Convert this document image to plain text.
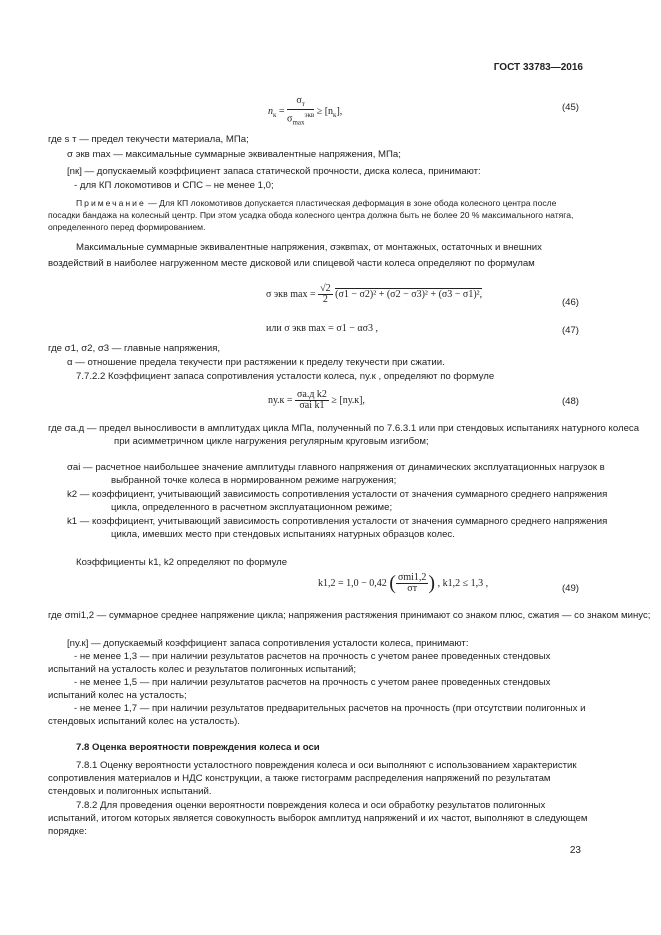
ГОСТ 33783—2016
$n_к = \frac{\sigma_т}{\sigma_{max}^{экв}} \ge [n_к]$,	(45)
где s т — предел текучести материала, МПа;
σ экв max — максимальные суммарные эквивалентные напряжения, МПа;
[nк] — допускаемый коэффициент запаса статической прочности, диска колеса, принимают:
- для КП локомотивов и СПС – не менее 1,0;
Примечание — Для КП локомотивов допускается пластическая деформация в зоне обода колесного центра после посадки бандажа на колесный центр. При этом усадка обода колесного центра должна быть не более 20 % максимального натяга, определенного перед формированием.
Максимальные суммарные эквивалентные напряжения, σэквmax, от монтажных, остаточных и внешних воздействий в наиболее нагруженном месте дисковой или спицевой части колеса определяют по формулам
σ экв $\max = \frac{√2}{2} (\sigma 1 - \sigma 2)^2 + (\sigma 2 - \sigma 3)^2 + (\sigma 3 - \sigma 1)^2$,
(46)
или σ экв max = σ1 − ασ3 ,	(47)
где σ1, σ2, σ3 — главные напряжения,
α — отношение предела текучести при растяжении к пределу текучести при сжатии.
7.7.2.2 Коэффициент запаса сопротивления усталости колеса, nу.к , определяют по формуле
$nу.к = \frac{\text{σа.д k2}}{\text{σai k1}} \ge [nу.к]$,	(48)
где σа.д — предел выносливости в амплитудах цикла МПа, полученный по 7.6.3.1 или при стендовых испытаниях натурного колеса при асимметричном цикле нагружения регулярным круговым изгибом;
σai — расчетное наибольшее значение амплитуды главного напряжения от динамических эксплуатационных нагрузок в выбранной точке колеса в нормированном режиме нагружения;
k2 — коэффициент, учитывающий зависимость сопротивления усталости от значения суммарного среднего напряжения цикла, определенного в расчетном эксплуатационном режиме;
k1 — коэффициент, учитывающий зависимость сопротивления усталости от значения суммарного среднего напряжения цикла, имевших место при стендовых испытаниях натурных образцов колес.
Коэффициенты k1, k2 определяют по формуле
k1,2 = 1,0 − 0,42 ( $\frac{\text{σmi1,2}}{\sigma т}$ ) , k1,2 ≤ 1,3 ,	(49)
где σmi1,2 — суммарное среднее напряжение цикла; напряжения растяжения принимают со знаком плюс, сжатия — со знаком минус;
[nу.к] — допускаемый коэффициент запаса сопротивления усталости колеса, принимают:
- не менее 1,3 — при наличии результатов расчетов на прочность с учетом ранее проведенных стендовых испытаний на усталость колес и результатов полигонных испытаний;
- не менее 1,5 — при наличии результатов расчетов на прочность с учетом ранее проведенных стендовых испытаний колес на усталость;
- не менее 1,7 — при наличии результатов предварительных расчетов на прочность (при отсутствии полигонных и стендовых испытаний колес на усталость).
7.8 Оценка вероятности повреждения колеса и оси
7.8.1 Оценку вероятности усталостного повреждения колеса и оси выполняют с использованием характеристик сопротивления материалов и НДС конструкции, а также гистограмм распределения напряжений по результатам стендовых и полигонных испытаний.
7.8.2 Для проведения оценки вероятности повреждения колеса и оси обработку результатов полигонных испытаний, итогом которых является совокупность выборок амплитуд напряжений и их частот, выполняют в следующем порядке:
23
